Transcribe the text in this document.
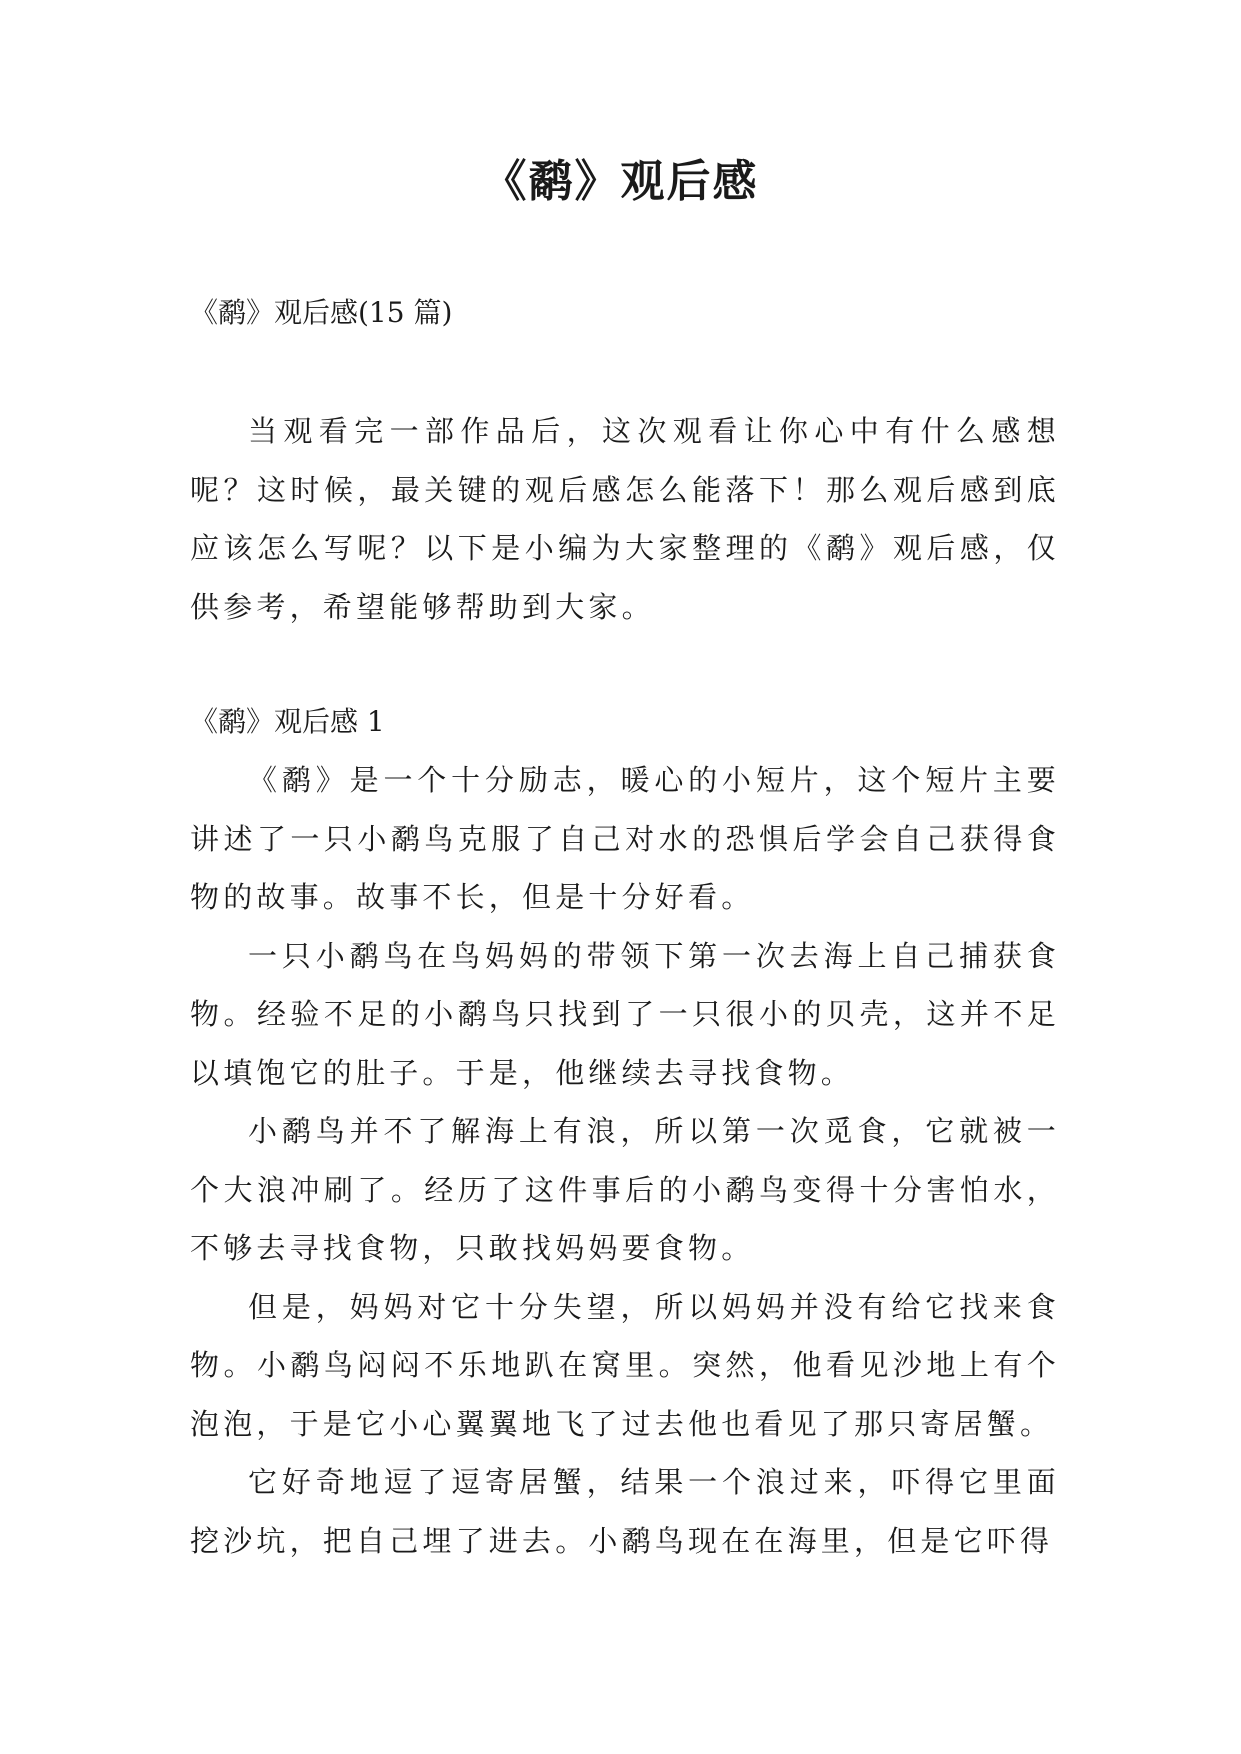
《鹬》观后感

《鹬》观后感(15 篇)

当观看完一部作品后，这次观看让你心中有什么感想呢？这时候，最关键的观后感怎么能落下！那么观后感到底应该怎么写呢？以下是小编为大家整理的《鹬》观后感，仅供参考，希望能够帮助到大家。

《鹬》观后感 1

《鹬》是一个十分励志，暖心的小短片，这个短片主要讲述了一只小鹬鸟克服了自己对水的恐惧后学会自己获得食物的故事。故事不长，但是十分好看。

一只小鹬鸟在鸟妈妈的带领下第一次去海上自己捕获食物。经验不足的小鹬鸟只找到了一只很小的贝壳，这并不足以填饱它的肚子。于是，他继续去寻找食物。

小鹬鸟并不了解海上有浪，所以第一次觅食，它就被一个大浪冲刷了。经历了这件事后的小鹬鸟变得十分害怕水，不够去寻找食物，只敢找妈妈要食物。

但是，妈妈对它十分失望，所以妈妈并没有给它找来食物。小鹬鸟闷闷不乐地趴在窝里。突然，他看见沙地上有个泡泡，于是它小心翼翼地飞了过去他也看见了那只寄居蟹。

它好奇地逗了逗寄居蟹，结果一个浪过来，吓得它里面挖沙坑，把自己埋了进去。小鹬鸟现在在海里，但是它吓得
